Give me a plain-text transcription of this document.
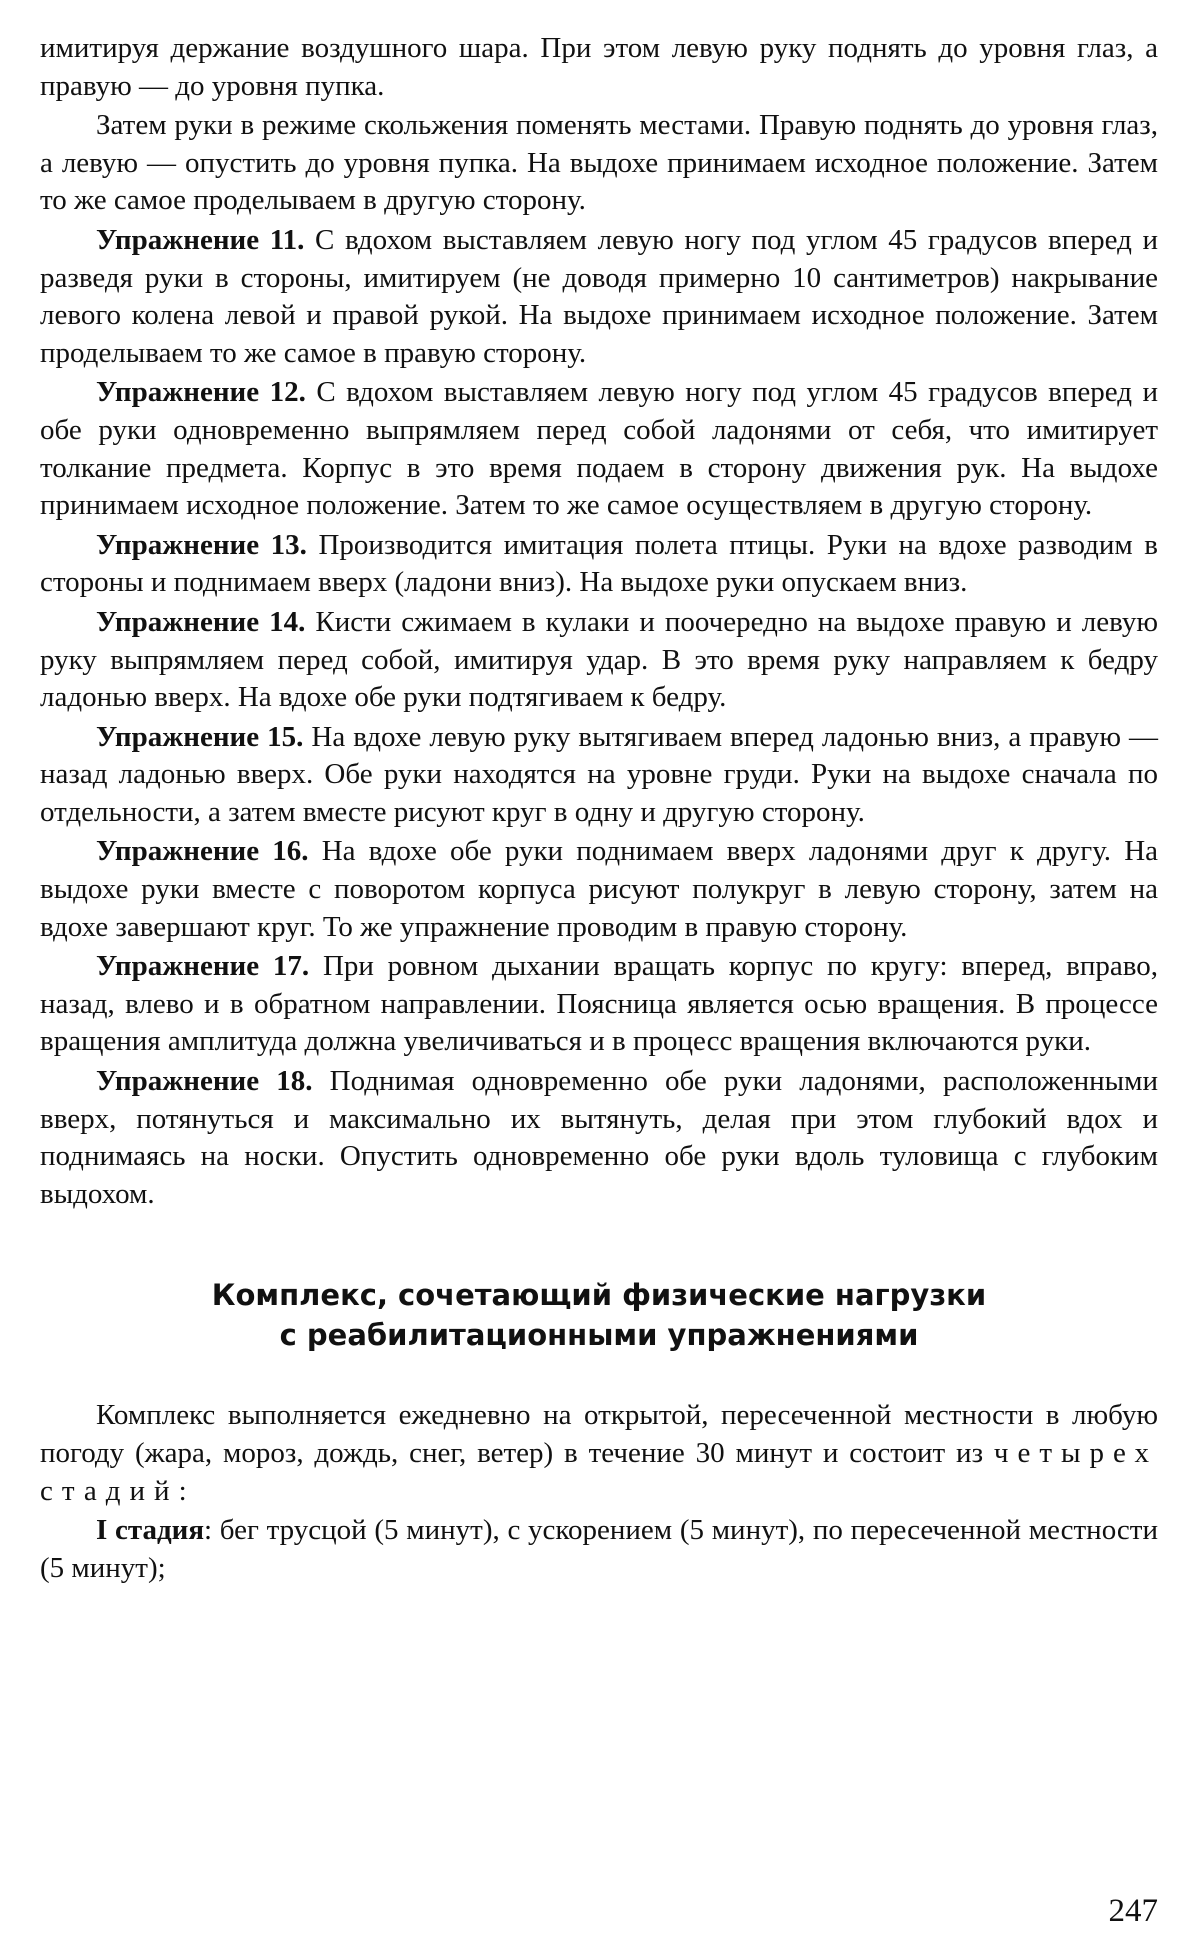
имитируя держание воздушного шара. При этом левую руку поднять до уровня глаз, а правую — до уровня пупка.

Затем руки в режиме скольжения поменять местами. Правую поднять до уровня глаз, а левую — опустить до уровня пупка. На выдохе принимаем исходное положение. Затем то же самое проделываем в другую сторону.

Упражнение 11. С вдохом выставляем левую ногу под углом 45 градусов вперед и разведя руки в стороны, имитируем (не доводя примерно 10 сантиметров) накрывание левого колена левой и правой рукой. На выдохе принимаем исходное положение. Затем проделываем то же самое в правую сторону.

Упражнение 12. С вдохом выставляем левую ногу под углом 45 градусов вперед и обе руки одновременно выпрямляем перед собой ладонями от себя, что имитирует толкание предмета. Корпус в это время подаем в сторону движения рук. На выдохе принимаем исходное положение. Затем то же самое осуществляем в другую сторону.

Упражнение 13. Производится имитация полета птицы. Руки на вдохе разводим в стороны и поднимаем вверх (ладони вниз). На выдохе руки опускаем вниз.

Упражнение 14. Кисти сжимаем в кулаки и поочередно на выдохе правую и левую руку выпрямляем перед собой, имитируя удар. В это время руку направляем к бедру ладонью вверх. На вдохе обе руки подтягиваем к бедру.

Упражнение 15. На вдохе левую руку вытягиваем вперед ладонью вниз, а правую — назад ладонью вверх. Обе руки находятся на уровне груди. Руки на выдохе сначала по отдельности, а затем вместе рисуют круг в одну и другую сторону.

Упражнение 16. На вдохе обе руки поднимаем вверх ладонями друг к другу. На выдохе руки вместе с поворотом корпуса рисуют полукруг в левую сторону, затем на вдохе завершают круг. То же упражнение проводим в правую сторону.

Упражнение 17. При ровном дыхании вращать корпус по кругу: вперед, вправо, назад, влево и в обратном направлении. Поясница является осью вращения. В процессе вращения амплитуда должна увеличиваться и в процесс вращения включаются руки.

Упражнение 18. Поднимая одновременно обе руки ладонями, расположенными вверх, потянуться и максимально их вытянуть, делая при этом глубокий вдох и поднимаясь на носки. Опустить одновременно обе руки вдоль туловища с глубоким выдохом.

Комплекс, сочетающий физические нагрузки
с реабилитационными упражнениями

Комплекс выполняется ежедневно на открытой, пересеченной местности в любую погоду (жара, мороз, дождь, снег, ветер) в течение 30 минут и состоит из четырех стадий:

I стадия: бег трусцой (5 минут), с ускорением (5 минут), по пересеченной местности (5 минут);

247
